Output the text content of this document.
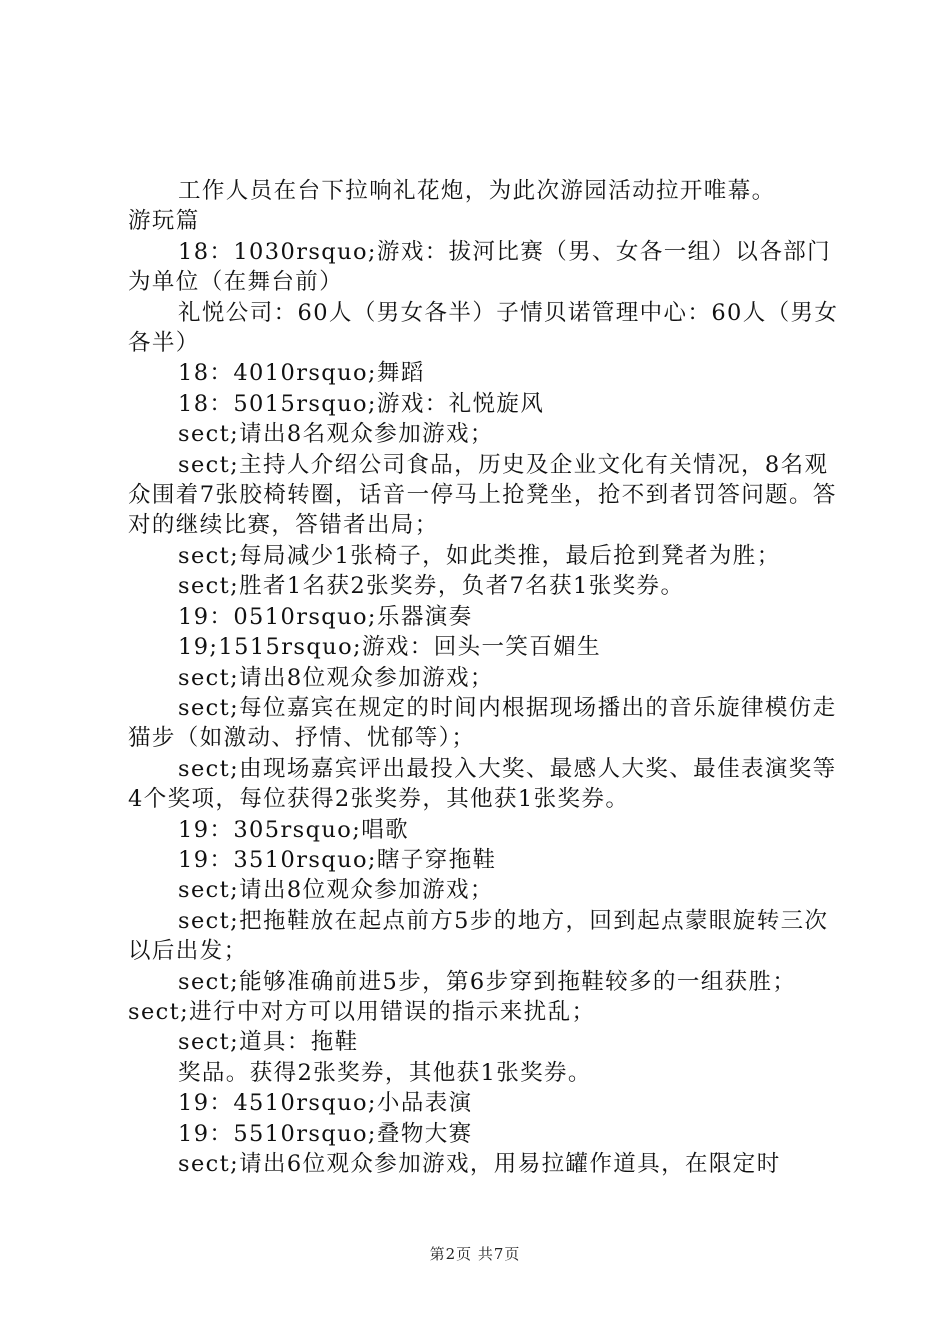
工作人员在台下拉响礼花炮，为此次游园活动拉开唯幕。

游玩篇

18：1030rsquo;游戏：拔河比赛（男、女各一组）以各部门为单位（在舞台前）

礼悦公司：60人（男女各半）子情贝诺管理中心：60人（男女各半）

18：4010rsquo;舞蹈

18：5015rsquo;游戏：礼悦旋风

sect;请出8名观众参加游戏；

sect;主持人介绍公司食品，历史及企业文化有关情况，8名观众围着7张胶椅转圈，话音一停马上抢凳坐，抢不到者罚答问题。答对的继续比赛，答错者出局；

sect;每局减少1张椅子，如此类推，最后抢到凳者为胜；

sect;胜者1名获2张奖券，负者7名获1张奖券。

19：0510rsquo;乐器演奏

19;1515rsquo;游戏：回头一笑百媚生

sect;请出8位观众参加游戏；

sect;每位嘉宾在规定的时间内根据现场播出的音乐旋律模仿走猫步（如激动、抒情、忧郁等）；

sect;由现场嘉宾评出最投入大奖、最感人大奖、最佳表演奖等4个奖项，每位获得2张奖券，其他获1张奖券。

19：305rsquo;唱歌

19：3510rsquo;瞎子穿拖鞋

sect;请出8位观众参加游戏；

sect;把拖鞋放在起点前方5步的地方，回到起点蒙眼旋转三次以后出发；

sect;能够准确前进5步，第6步穿到拖鞋较多的一组获胜；

sect;进行中对方可以用错误的指示来扰乱；

sect;道具：拖鞋

奖品。获得2张奖券，其他获1张奖券。

19：4510rsquo;小品表演

19：5510rsquo;叠物大赛

sect;请出6位观众参加游戏，用易拉罐作道具，在限定时

第2页 共7页
